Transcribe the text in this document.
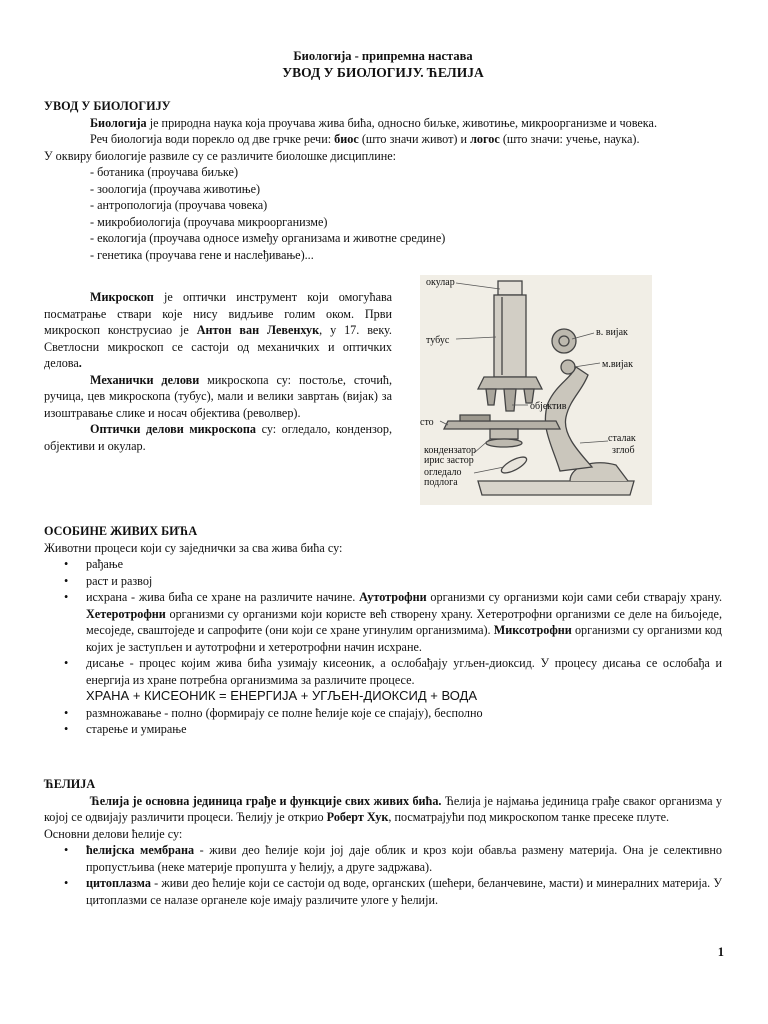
Биологија - припремна настава
УВОД У БИОЛОГИЈУ. ЋЕЛИЈА
УВОД У БИОЛОГИЈУ

Биологија је природна наука која проучава жива бића, односно биљке, животиње, микроорганизме и човека.

Реч биологија води порекло од две грчке речи: биос (што значи живот) и логос (што значи: учење, наука).

У оквиру биологије развиле су се различите биолошке дисциплине:

- ботаника (проучава биљке)
- зоологија (проучава животиње)
- антропологија (проучава човека)
- микробиологија (проучава микроорганизме)
- екологија (проучава односе између организама и животне средине)
- генетика (проучава гене и наслеђивање)...

Микроскоп је оптички инструмент који омогућава посматрање ствари које нису видљиве голим оком. Први микроскоп конструсиао је Антон ван Левенхук, у 17. веку. Светлосни микроскоп се састоји од механичких и оптичких делова.

Механички делови микроскопа су: постоље, сточић, ручица, цев микроскопа (тубус), мали и велики завртањ (вијак) за изоштравање слике и носач објектива (револвер).

Оптички делови микроскопа су: огледало, кондензор, објективи и окулар.

окулар
тубус
в. вијак
м.вијак
објектив
сто
сталак
зглоб
кондензатор
ирис застор
огледало
подлога
ОСОБИНЕ ЖИВИХ БИЋА

Животни процеси који су заједнички за сва жива бића су:

• рађање
• раст и развој
• исхрана - жива бића се хране на различите начине. Аутотрофни организми су организми који сами себи стварају храну. Хетеротрофни организми су организми који користе већ створену храну. Хетеротрофни организми се деле на биљоједе, месоједе, сваштоједе и сапрофите (они који се хране угинулим организмима). Миксотрофни организми су организми код којих је заступљен и аутотрофни и хетеротрофни начин исхране.
• дисање - процес којим жива бића узимају кисеоник, а ослобађају угљен-диоксид. У процесу дисања се ослобађа и енергија из хране потребна организмима за различите процесе.
ХРАНА + КИСЕОНИК = ЕНЕРГИЈА + УГЉЕН-ДИОКСИД + ВОДА
• размножавање - полно (формирају се полне ћелије које се спајају), бесполно
• старење и умирање
ЋЕЛИЈА

Ћелија је основна јединица грађе и функције свих живих бића. Ћелија је најмања јединица грађе сваког организма у којој се одвијају различити процеси. Ћелију је открио Роберт Хук, посматрајући под микроскопом танке пресеке плуте.

Основни делови ћелије су:

• ћелијска мембрана - живи део ћелије који јој даје облик и кроз који обавља размену материја. Она је селективно пропустљива (неке материје пропушта у ћелију, а друге задржава).
• цитоплазма - живи део ћелије који се састоји од воде, органских (шећери, беланчевине, масти) и минералних материја. У цитоплазми се налазе органеле које имају различите улоге у ћелији.
1
